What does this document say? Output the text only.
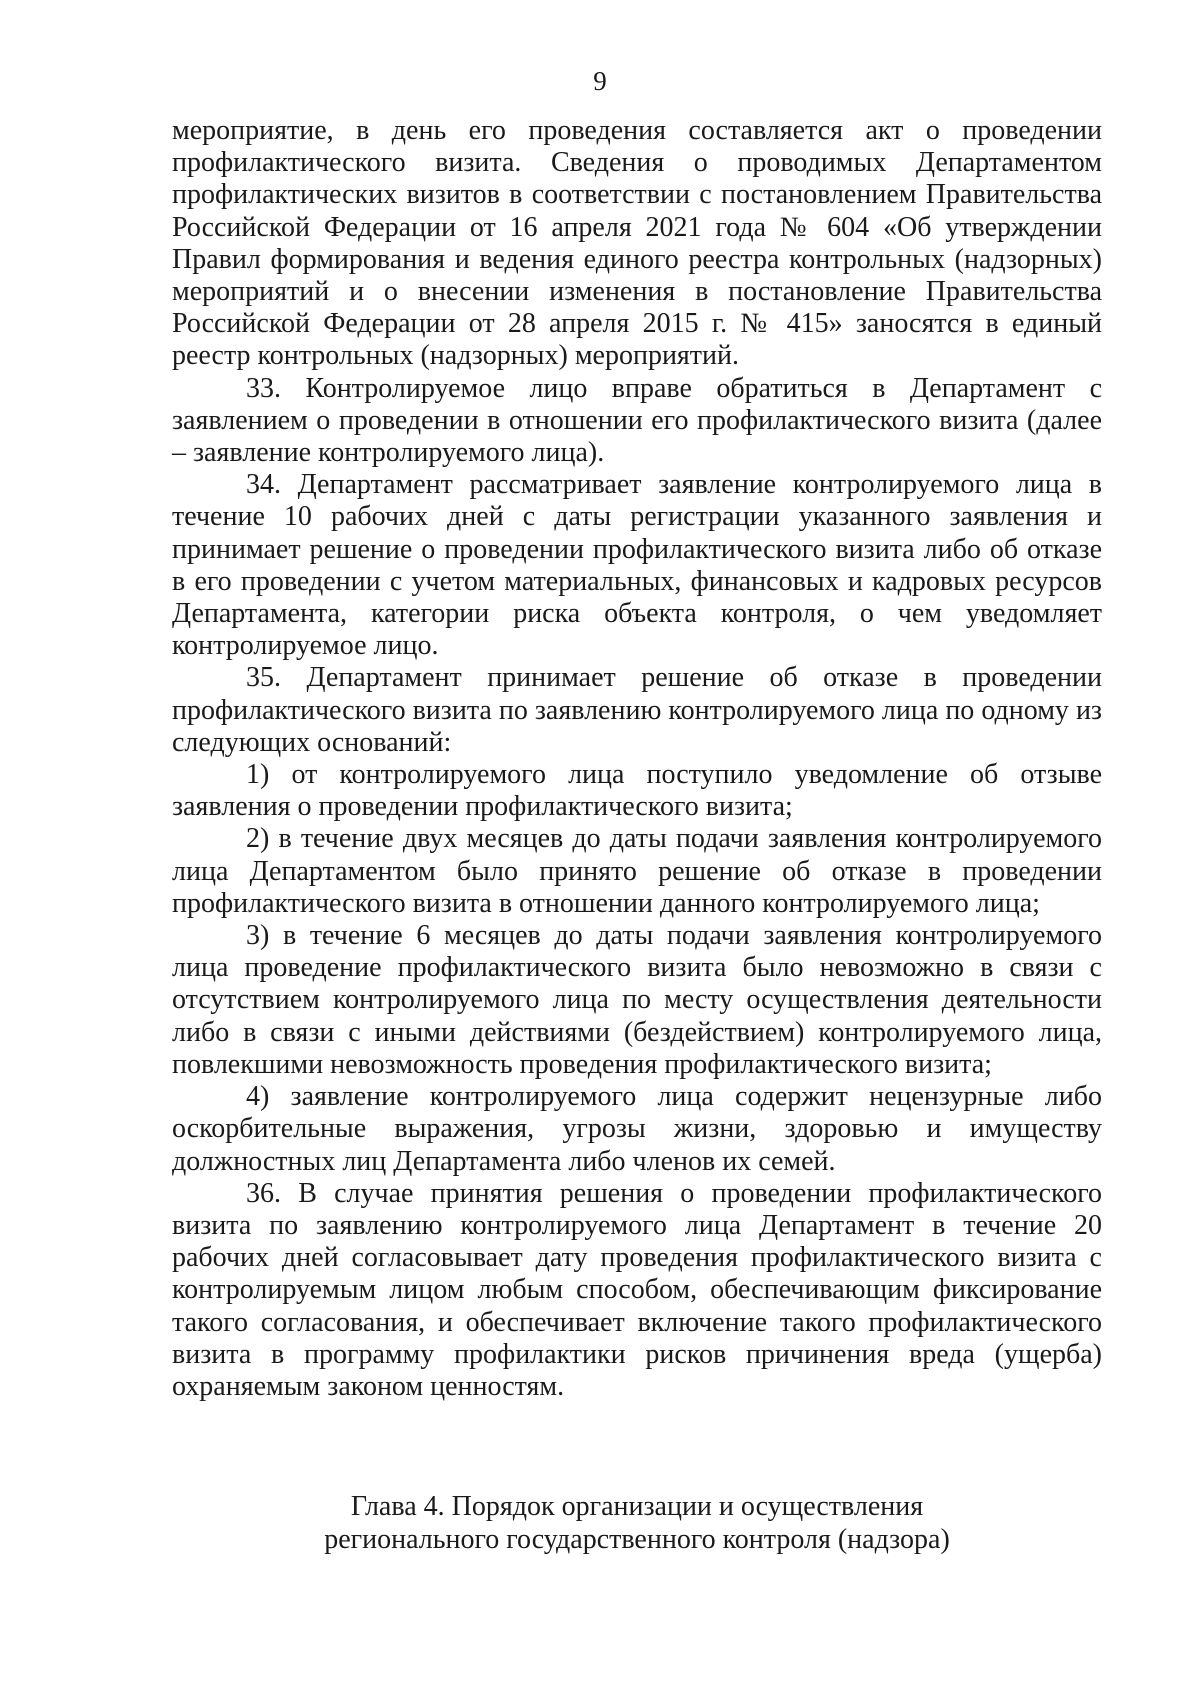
9

мероприятие, в день его проведения составляется акт о проведении профилактического визита. Сведения о проводимых Департаментом профилактических визитов в соответствии с постановлением Правительства Российской Федерации от 16 апреля 2021 года № 604 «Об утверждении Правил формирования и ведения единого реестра контрольных (надзорных) мероприятий и о внесении изменения в постановление Правительства Российской Федерации от 28 апреля 2015 г. № 415» заносятся в единый реестр контрольных (надзорных) мероприятий.

33. Контролируемое лицо вправе обратиться в Департамент с заявлением о проведении в отношении его профилактического визита (далее – заявление контролируемого лица).

34. Департамент рассматривает заявление контролируемого лица в течение 10 рабочих дней с даты регистрации указанного заявления и принимает решение о проведении профилактического визита либо об отказе в его проведении с учетом материальных, финансовых и кадровых ресурсов Департамента, категории риска объекта контроля, о чем уведомляет контролируемое лицо.

35. Департамент принимает решение об отказе в проведении профилактического визита по заявлению контролируемого лица по одному из следующих оснований:

1) от контролируемого лица поступило уведомление об отзыве заявления о проведении профилактического визита;

2) в течение двух месяцев до даты подачи заявления контролируемого лица Департаментом было принято решение об отказе в проведении профилактического визита в отношении данного контролируемого лица;

3) в течение 6 месяцев до даты подачи заявления контролируемого лица проведение профилактического визита было невозможно в связи с отсутствием контролируемого лица по месту осуществления деятельности либо в связи с иными действиями (бездействием) контролируемого лица, повлекшими невозможность проведения профилактического визита;

4) заявление контролируемого лица содержит нецензурные либо оскорбительные выражения, угрозы жизни, здоровью и имуществу должностных лиц Департамента либо членов их семей.

36. В случае принятия решения о проведении профилактического визита по заявлению контролируемого лица Департамент в течение 20 рабочих дней согласовывает дату проведения профилактического визита с контролируемым лицом любым способом, обеспечивающим фиксирование такого согласования, и обеспечивает включение такого профилактического визита в программу профилактики рисков причинения вреда (ущерба) охраняемым законом ценностям.

Глава 4. Порядок организации и осуществления
регионального государственного контроля (надзора)
